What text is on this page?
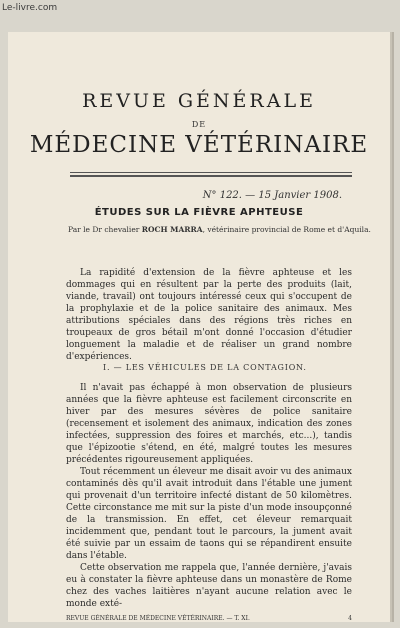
Le-livre.com
REVUE GÉNÉRALE
DE
MÉDECINE VÉTÉRINAIRE
N° 122. — 15 Janvier 1908.
ÉTUDES SUR LA FIÈVRE APHTEUSE
Par le Dr chevalier ROCH MARRA, vétérinaire provincial de Rome et d'Aquila.

La rapidité d'extension de la fièvre aphteuse et les dommages qui en résultent par la perte des produits (lait, viande, travail) ont toujours intéressé ceux qui s'occupent de la prophylaxie et de la police sanitaire des animaux. Mes attributions spéciales dans des régions très riches en troupeaux de gros bétail m'ont donné l'occasion d'étudier longuement la maladie et de réaliser un grand nombre d'expériences.

I. — LES VÉHICULES DE LA CONTAGION.

Il n'avait pas échappé à mon observation de plusieurs années que la fièvre aphteuse est facilement circonscrite en hiver par des mesures sévères de police sanitaire (recensement et isolement des animaux, indication des zones infectées, suppression des foires et marchés, etc...), tandis que l'épizootie s'étend, en été, malgré toutes les mesures précédentes rigoureusement appliquées.

Tout récemment un éleveur me disait avoir vu des animaux contaminés dès qu'il avait introduit dans l'étable une jument qui provenait d'un territoire infecté distant de 50 kilomètres. Cette circonstance me mit sur la piste d'un mode insoupçonné de la transmission. En effet, cet éleveur remarquait incidemment que, pendant tout le parcours, la jument avait été suivie par un essaim de taons qui se répandirent ensuite dans l'étable.

Cette observation me rappela que, l'année dernière, j'avais eu à constater la fièvre aphteuse dans un monastère de Rome chez des vaches laitières n'ayant aucune relation avec le monde exté-

REVUE GÉNÉRALE DE MÉDECINE VÉTÉRINAIRE. — T. XI.	4
